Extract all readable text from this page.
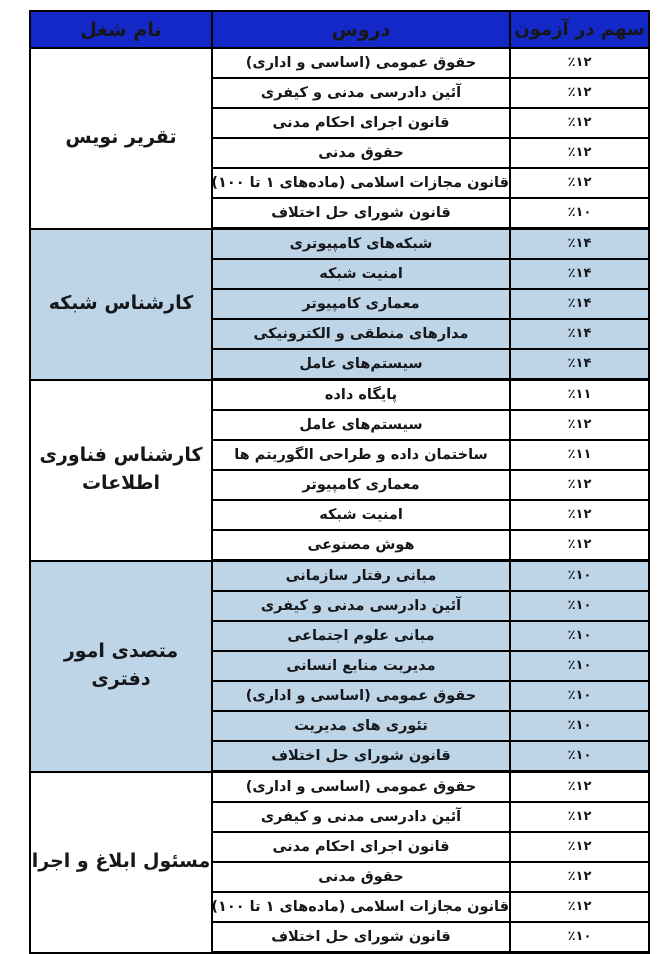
سهم در آزمون	دروس	نام شغل
٪۱۲	حقوق عمومی (اساسی و اداری)	تقریر نویس
٪۱۲	آئین دادرسی مدنی و کیفری	
٪۱۲	قانون اجرای احکام مدنی	
٪۱۲	حقوق مدنی	
٪۱۲	قانون مجازات اسلامی (ماده‌های ۱ تا ۱۰۰)	
٪۱۰	قانون شورای حل اختلاف	
٪۱۴	شبکه‌های کامپیوتری	کارشناس شبکه
٪۱۴	امنیت شبکه	
٪۱۴	معماری کامپیوتر	
٪۱۴	مدارهای منطقی و الکترونیکی	
٪۱۴	سیستم‌های عامل	
٪۱۱	پایگاه داده	کارشناس فناوری اطلاعات
٪۱۲	سیستم‌های عامل	
٪۱۱	ساختمان داده و طراحی الگوریتم ها	
٪۱۲	معماری کامپیوتر	
٪۱۲	امنیت شبکه	
٪۱۲	هوش مصنوعی	
٪۱۰	مبانی رفتار سازمانی	متصدی امور دفتری
٪۱۰	آئین دادرسی مدنی و کیفری	
٪۱۰	مبانی علوم اجتماعی	
٪۱۰	مدیریت منابع انسانی	
٪۱۰	حقوق عمومی (اساسی و اداری)	
٪۱۰	تئوری های مدیریت	
٪۱۰	قانون شورای حل اختلاف	
٪۱۲	حقوق عمومی (اساسی و اداری)	مسئول ابلاغ و اجرا
٪۱۲	آئین دادرسی مدنی و کیفری	
٪۱۲	قانون اجرای احکام مدنی	
٪۱۲	حقوق مدنی	
٪۱۲	قانون مجازات اسلامی (ماده‌های ۱ تا ۱۰۰)	
٪۱۰	قانون شورای حل اختلاف	
